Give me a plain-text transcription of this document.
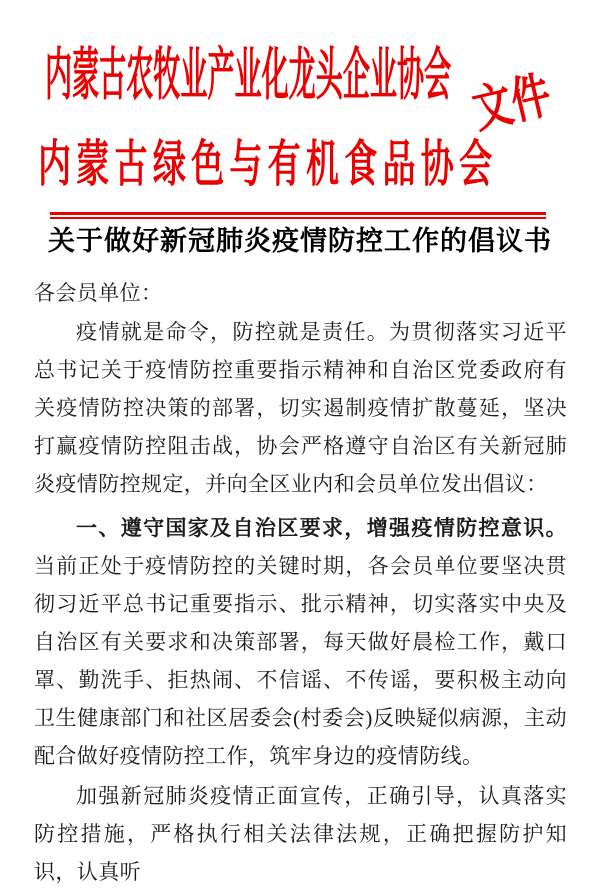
内蒙古农牧业产业化龙头企业协会 文件
内蒙古绿色与有机食品协会
关于做好新冠肺炎疫情防控工作的倡议书
各会员单位：

疫情就是命令，防控就是责任。为贯彻落实习近平总书记关于疫情防控重要指示精神和自治区党委政府有关疫情防控决策的部署，切实遏制疫情扩散蔓延，坚决打赢疫情防控阻击战，协会严格遵守自治区有关新冠肺炎疫情防控规定，并向全区业内和会员单位发出倡议：

一、遵守国家及自治区要求，增强疫情防控意识。当前正处于疫情防控的关键时期，各会员单位要坚决贯彻习近平总书记重要指示、批示精神，切实落实中央及自治区有关要求和决策部署，每天做好晨检工作，戴口罩、勤洗手、拒热闹、不信谣、不传谣，要积极主动向卫生健康部门和社区居委会(村委会)反映疑似病源，主动配合做好疫情防控工作，筑牢身边的疫情防线。

加强新冠肺炎疫情正面宣传，正确引导，认真落实防控措施，严格执行相关法律法规，正确把握防护知识，认真听
